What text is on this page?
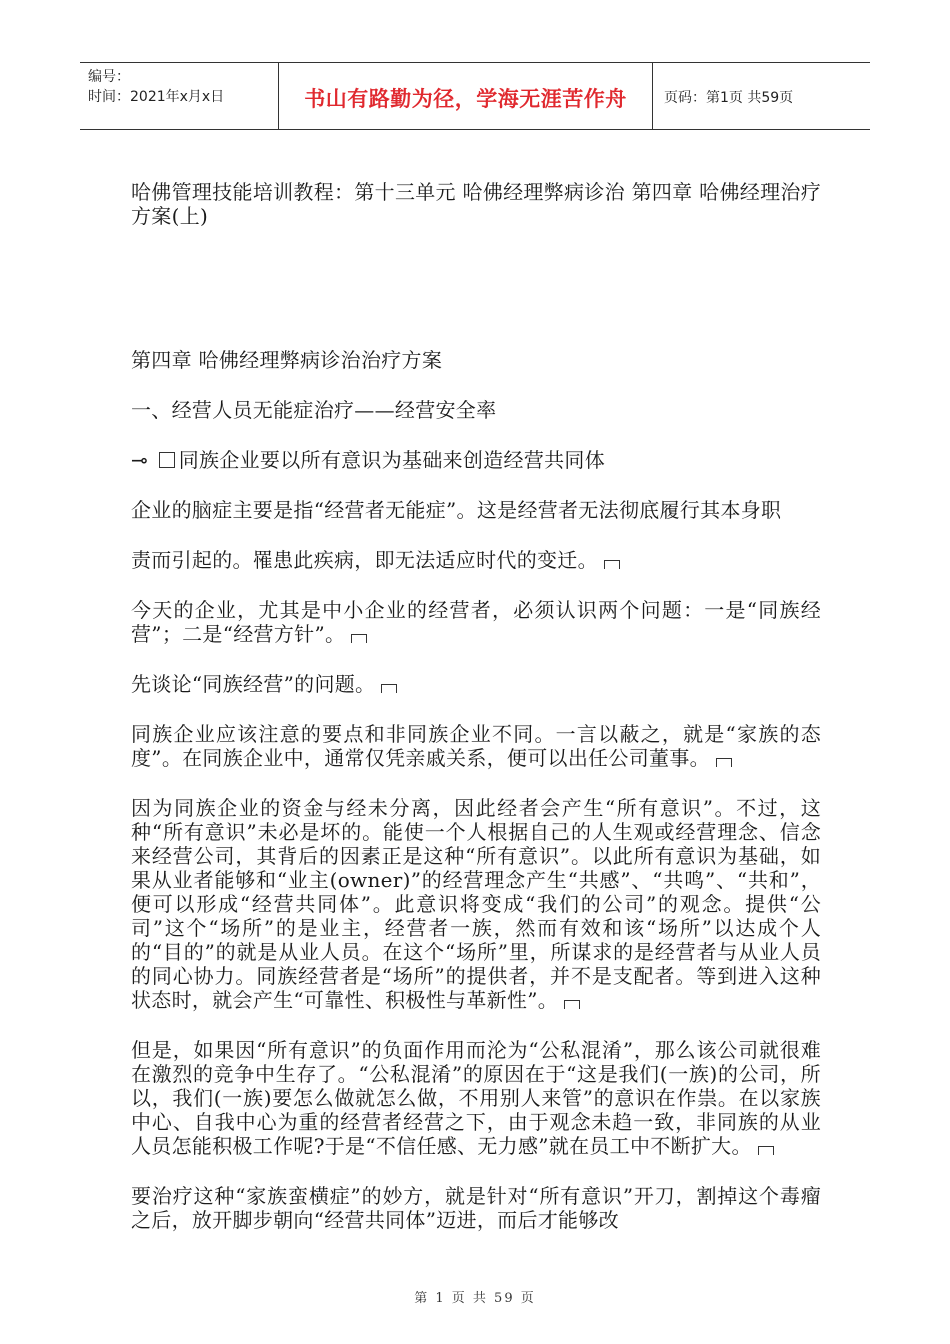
编号：
时间：2021年x月x日	书山有路勤为径，学海无涯苦作舟	页码：第1页 共59页

哈佛管理技能培训教程：第十三单元 哈佛经理弊病诊治 第四章 哈佛经理治疗方案(上)

第四章 哈佛经理弊病诊治治疗方案

一、经营人员无能症治疗——经营安全率

⊸ 同族企业要以所有意识为基础来创造经营共同体

企业的脑症主要是指“经营者无能症”。这是经营者无法彻底履行其本身职

责而引起的。罹患此疾病，即无法适应时代的变迁。

今天的企业，尤其是中小企业的经营者，必须认识两个问题：一是“同族经营”；二是“经营方针”。

先谈论“同族经营”的问题。

同族企业应该注意的要点和非同族企业不同。一言以蔽之，就是“家族的态度”。在同族企业中，通常仅凭亲戚关系，便可以出任公司董事。

因为同族企业的资金与经未分离，因此经者会产生“所有意识”。不过，这种“所有意识”未必是坏的。能使一个人根据自己的人生观或经营理念、信念来经营公司，其背后的因素正是这种“所有意识”。以此所有意识为基础，如果从业者能够和“业主(owner)”的经营理念产生“共感”、“共鸣”、“共和”，便可以形成“经营共同体”。此意识将变成“我们的公司”的观念。提供“公司”这个“场所”的是业主，经营者一族，然而有效和该“场所”以达成个人的“目的”的就是从业人员。在这个“场所”里，所谋求的是经营者与从业人员的同心协力。同族经营者是“场所”的提供者，并不是支配者。等到进入这种状态时，就会产生“可靠性、积极性与革新性”。

但是，如果因“所有意识”的负面作用而沦为“公私混淆”，那么该公司就很难在激烈的竞争中生存了。“公私混淆”的原因在于“这是我们(一族)的公司，所以，我们(一族)要怎么做就怎么做，不用别人来管”的意识在作祟。在以家族中心、自我中心为重的经营者经营之下，由于观念未趋一致，非同族的从业人员怎能积极工作呢?于是“不信任感、无力感”就在员工中不断扩大。

要治疗这种“家族蛮横症”的妙方，就是针对“所有意识”开刀，割掉这个毒瘤之后，放开脚步朝向“经营共同体”迈进，而后才能够改

第 1 页 共 59 页
